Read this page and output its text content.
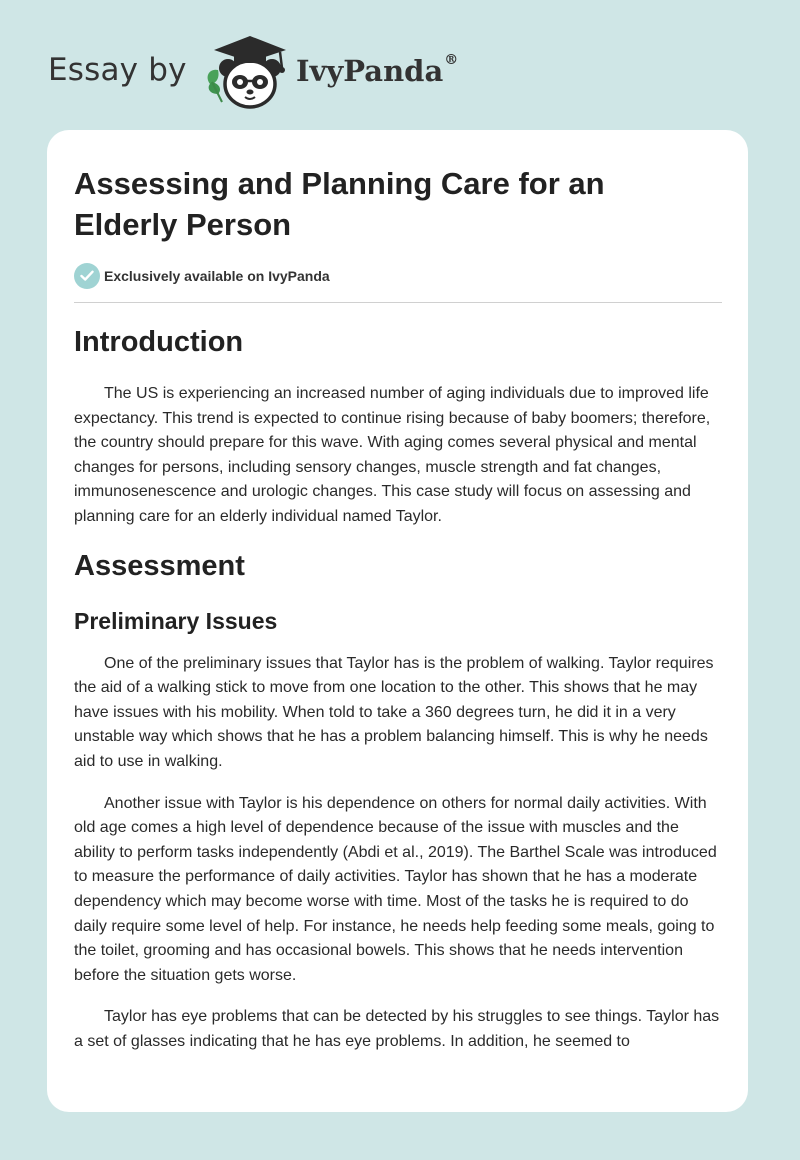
Essay by	IvyPanda®
Assessing and Planning Care for an Elderly Person
Exclusively available on IvyPanda
Introduction

The US is experiencing an increased number of aging individuals due to improved life expectancy. This trend is expected to continue rising because of baby boomers; therefore, the country should prepare for this wave. With aging comes several physical and mental changes for persons, including sensory changes, muscle strength and fat changes, immunosenescence and urologic changes. This case study will focus on assessing and planning care for an elderly individual named Taylor.

Assessment
Preliminary Issues

One of the preliminary issues that Taylor has is the problem of walking. Taylor requires the aid of a walking stick to move from one location to the other. This shows that he may have issues with his mobility. When told to take a 360 degrees turn, he did it in a very unstable way which shows that he has a problem balancing himself. This is why he needs aid to use in walking.

Another issue with Taylor is his dependence on others for normal daily activities. With old age comes a high level of dependence because of the issue with muscles and the ability to perform tasks independently (Abdi et al., 2019). The Barthel Scale was introduced to measure the performance of daily activities. Taylor has shown that he has a moderate dependency which may become worse with time. Most of the tasks he is required to do daily require some level of help. For instance, he needs help feeding some meals, going to the toilet, grooming and has occasional bowels. This shows that he needs intervention before the situation gets worse.

Taylor has eye problems that can be detected by his struggles to see things. Taylor has a set of glasses indicating that he has eye problems. In addition, he seemed to
